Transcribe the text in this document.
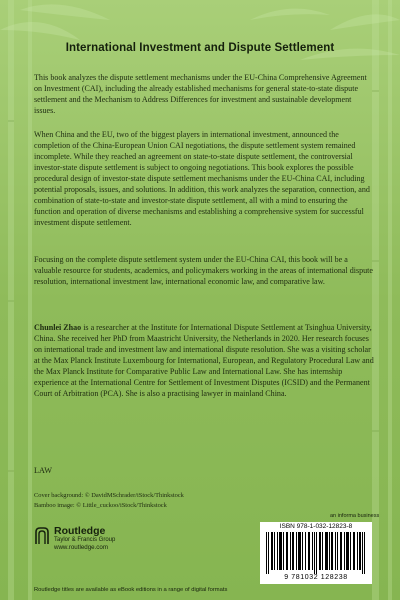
International Investment and Dispute Settlement

This book analyzes the dispute settlement mechanisms under the EU-China Comprehensive Agreement on Investment (CAI), including the already established mechanisms for general state-to-state dispute settlement and the Mechanism to Address Differences for investment and sustainable development issues.

When China and the EU, two of the biggest players in international investment, announced the completion of the China-European Union CAI negotiations, the dispute settlement system remained incomplete. While they reached an agreement on state-to-state dispute settlement, the controversial investor-state dispute settlement is subject to ongoing negotiations. This book explores the possible procedural design of investor-state dispute settlement mechanisms under the EU-China CAI, including potential proposals, issues, and solutions. In addition, this work analyzes the separation, connection, and combination of state-to-state and investor-state dispute settlement, all with a mind to ensuring the function and operation of diverse mechanisms and establishing a comprehensive system for successful investment dispute settlement.

Focusing on the complete dispute settlement system under the EU-China CAI, this book will be a valuable resource for students, academics, and policymakers working in the areas of international dispute resolution, international investment law, international economic law, and comparative law.

Chunlei Zhao is a researcher at the Institute for International Dispute Settlement at Tsinghua University, China. She received her PhD from Maastricht University, the Netherlands in 2020. Her research focuses on international trade and investment law and international dispute resolution. She was a visiting scholar at the Max Planck Institute Luxembourg for International, European, and Regulatory Procedural Law and the Max Planck Institute for Comparative Public Law and International Law. She has internship experience at the International Centre for Settlement of Investment Disputes (ICSID) and the Permanent Court of Arbitration (PCA). She is also a practising lawyer in mainland China.

LAW
Cover background: © DavidMSchrader/iStock/Thinkstock
Bamboo image: © Little_cuckoo/iStock/Thinkstock
Routledge
Taylor & Francis Group
www.routledge.com
an informa business
ISBN 978-1-032-12823-8
9 781032 128238
Routledge titles are available as eBook editions in a range of digital formats
